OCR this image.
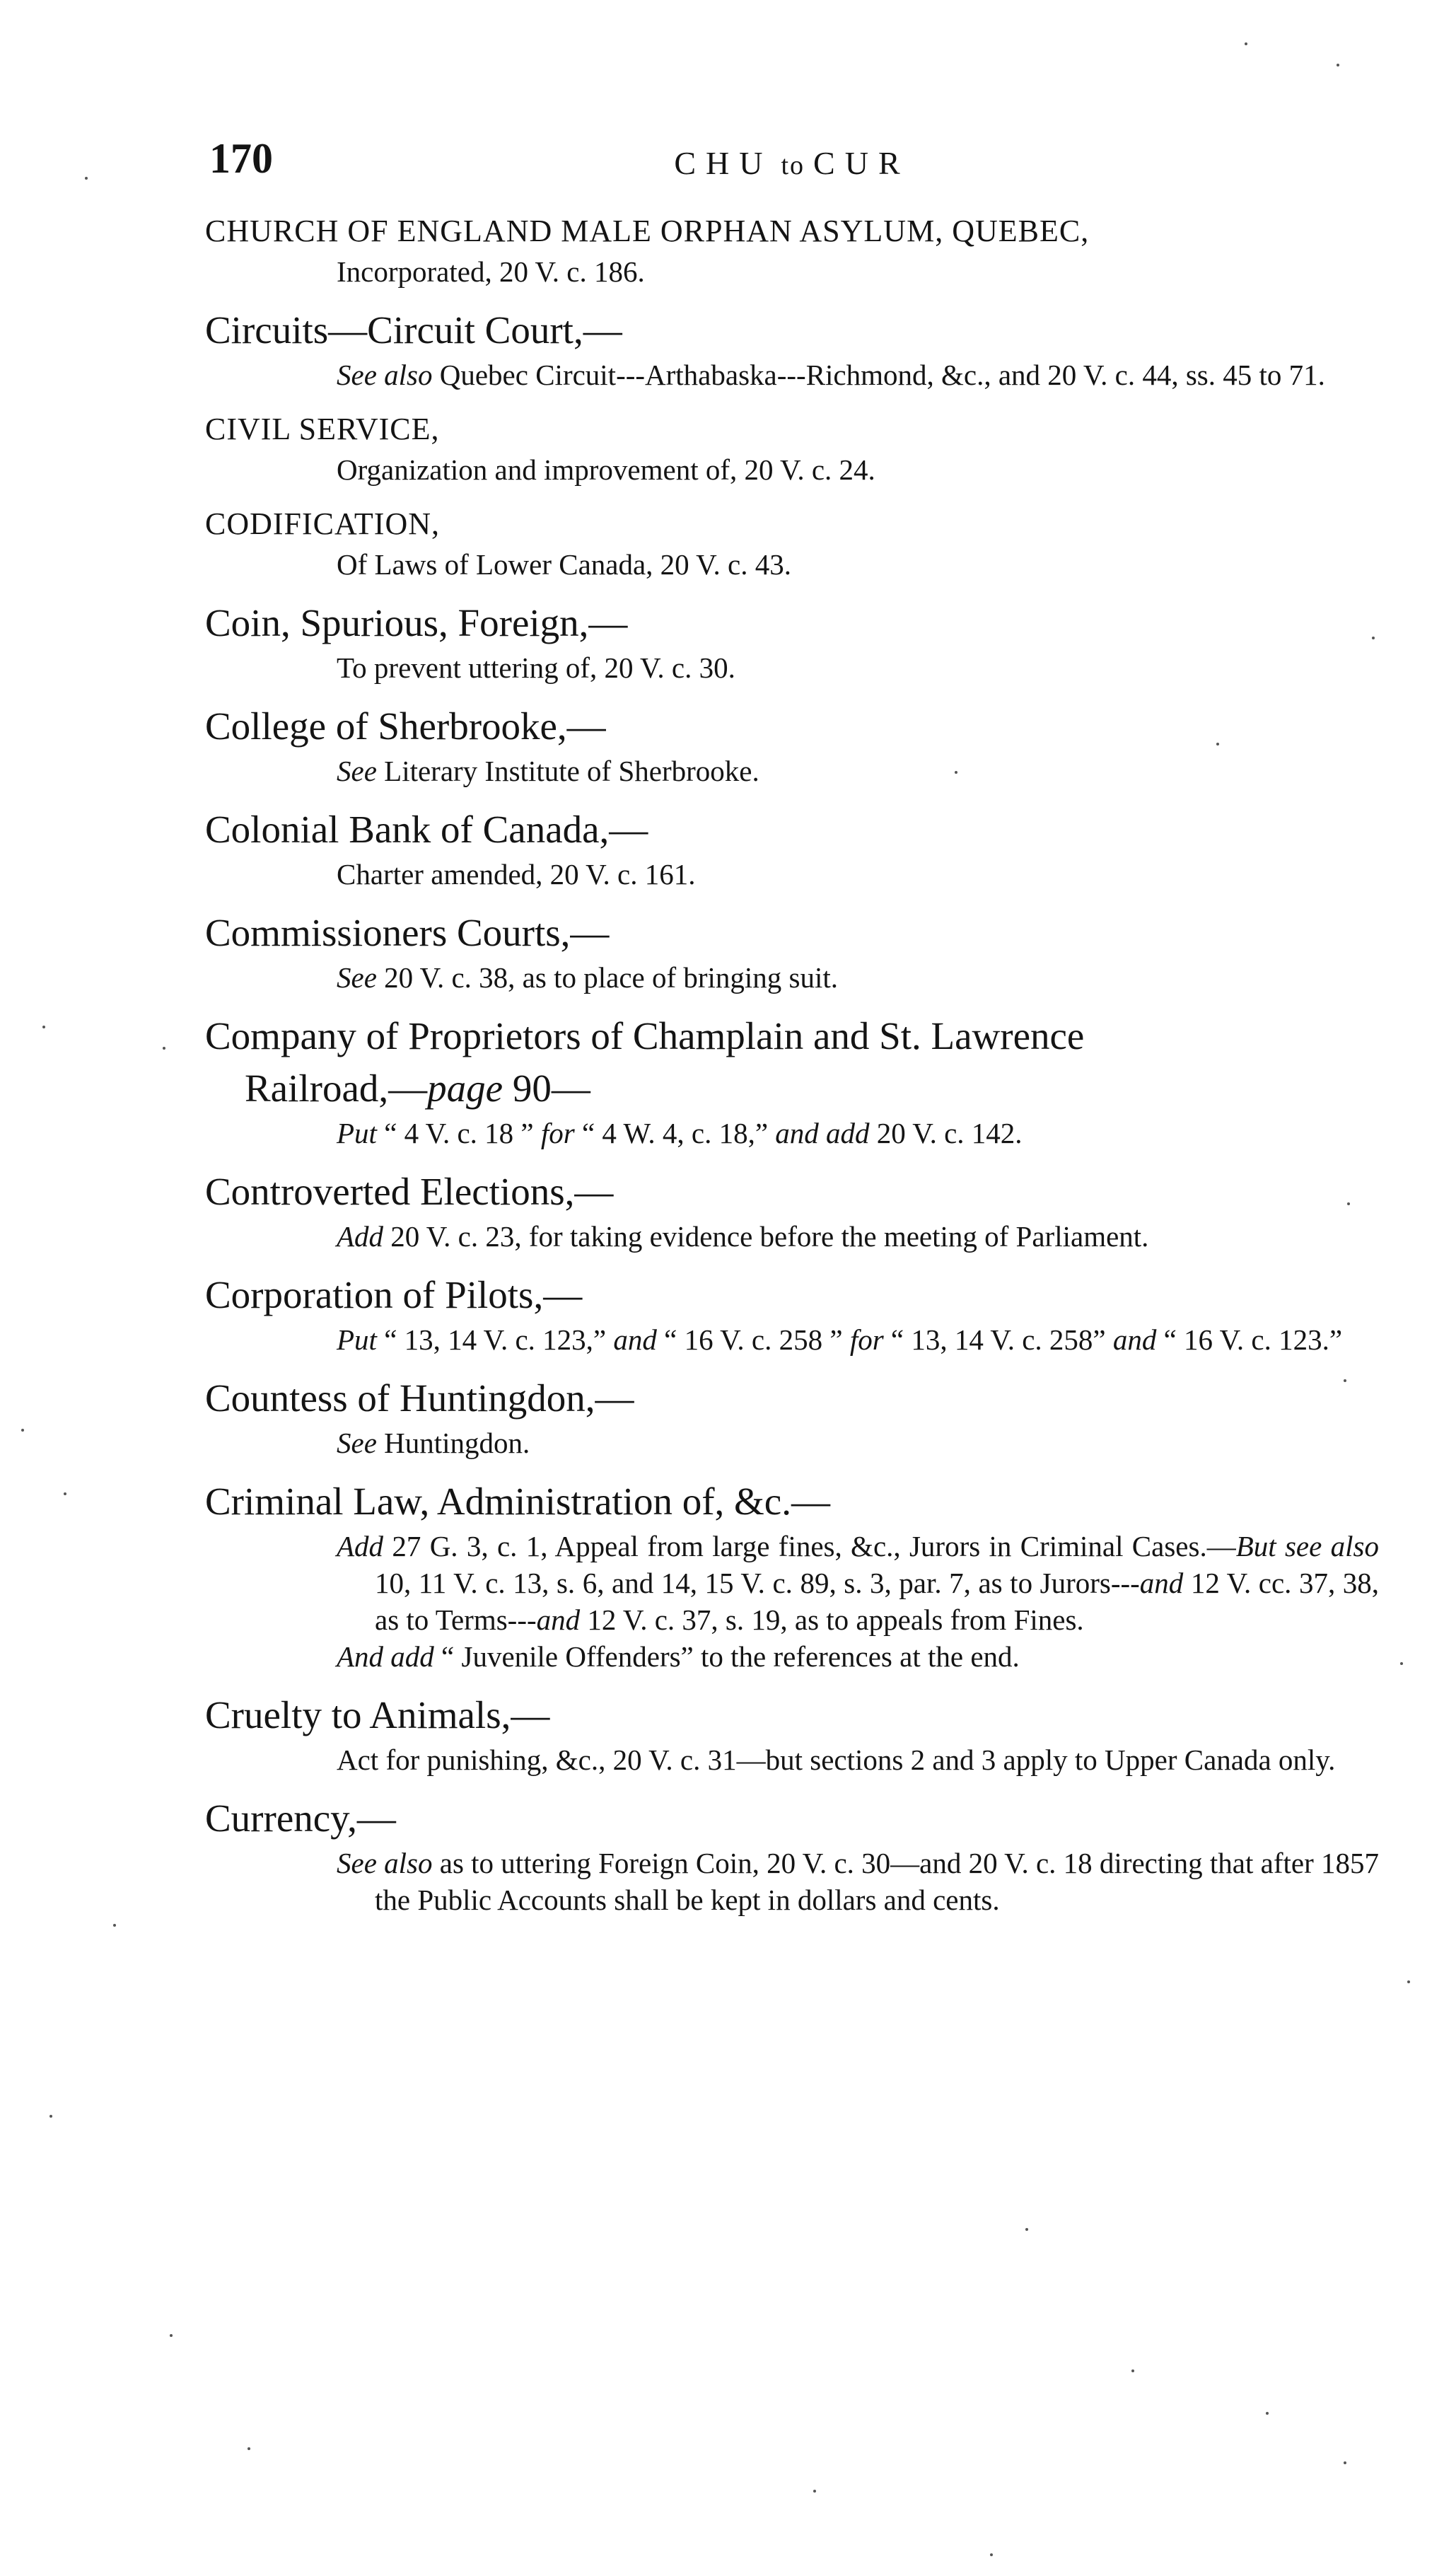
170	CHU to CUR
CHURCH OF ENGLAND MALE ORPHAN ASYLUM, QUEBEC,

Incorporated, 20 V. c. 186.

Circuits—Circuit Court,—

See also Quebec Circuit---Arthabaska---Richmond, &c., and 20 V. c. 44, ss. 45 to 71.

CIVIL SERVICE,

Organization and improvement of, 20 V. c. 24.

CODIFICATION,

Of Laws of Lower Canada, 20 V. c. 43.

Coin, Spurious, Foreign,—

To prevent uttering of, 20 V. c. 30.

College of Sherbrooke,—

See Literary Institute of Sherbrooke.

Colonial Bank of Canada,—

Charter amended, 20 V. c. 161.

Commissioners Courts,—

See 20 V. c. 38, as to place of bringing suit.

Company of Proprietors of Champlain and St. Lawrence
Railroad,—page 90—

Put “ 4 V. c. 18 ” for “ 4 W. 4, c. 18,” and add 20 V. c. 142.

Controverted Elections,—

Add 20 V. c. 23, for taking evidence before the meeting of Parliament.

Corporation of Pilots,—

Put “ 13, 14 V. c. 123,” and “ 16 V. c. 258 ” for “ 13, 14 V. c. 258” and “ 16 V. c. 123.”

Countess of Huntingdon,—

See Huntingdon.

Criminal Law, Administration of, &c.—

Add 27 G. 3, c. 1, Appeal from large fines, &c., Jurors in Criminal Cases.—But see also 10, 11 V. c. 13, s. 6, and 14, 15 V. c. 89, s. 3, par. 7, as to Jurors---and 12 V. cc. 37, 38, as to Terms---and 12 V. c. 37, s. 19, as to appeals from Fines.

And add “ Juvenile Offenders” to the references at the end.

Cruelty to Animals,—

Act for punishing, &c., 20 V. c. 31—but sections 2 and 3 apply to Upper Canada only.

Currency,—

See also as to uttering Foreign Coin, 20 V. c. 30—and 20 V. c. 18 directing that after 1857 the Public Accounts shall be kept in dollars and cents.
